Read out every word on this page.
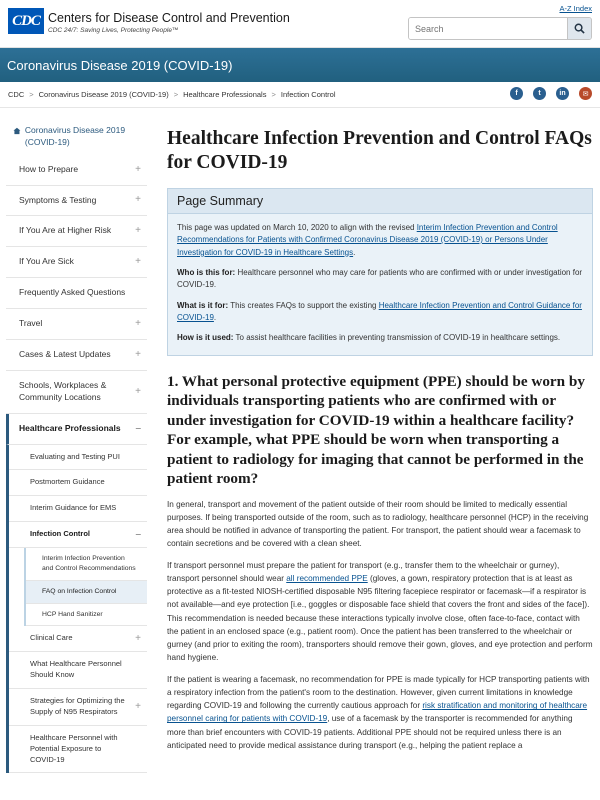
CDC Centers for Disease Control and Prevention
CDC 24/7: Saving Lives, Protecting People™
A-Z Index
Search
Coronavirus Disease 2019 (COVID-19)
CDC > Coronavirus Disease 2019 (COVID-19) > Healthcare Professionals > Infection Control	f	t	in	✉
Coronavirus Disease 2019 (COVID-19)
How to Prepare	+
Symptoms & Testing	+
If You Are at Higher Risk +
If You Are Sick	+
Frequently Asked Questions
Travel	+
Cases & Latest Updates +
Schools, Workplaces & Community Locations	+
Healthcare Professionals –
Evaluating and Testing PUI
Postmortem Guidance
Interim Guidance for EMS
Infection Control	–
Interim Infection Prevention and Control Recommendations
FAQ on Infection Control
HCP Hand Sanitizer
Clinical Care	+
What Healthcare Personnel Should Know
Strategies for Optimizing the Supply of N95 Respirators +
Healthcare Personnel with Potential Exposure to COVID-19
Healthcare Infection Prevention and Control FAQs for COVID-19
Page Summary

This page was updated on March 10, 2020 to align with the revised Interim Infection Prevention and Control Recommendations for Patients with Confirmed Coronavirus Disease 2019 (COVID-19) or Persons Under Investigation for COVID-19 in Healthcare Settings.

Who is this for: Healthcare personnel who may care for patients who are confirmed with or under investigation for COVID-19.

What is it for: This creates FAQs to support the existing Healthcare Infection Prevention and Control Guidance for COVID-19.

How is it used: To assist healthcare facilities in preventing transmission of COVID-19 in healthcare settings.

1. What personal protective equipment (PPE) should be worn by individuals transporting patients who are confirmed with or under investigation for COVID-19 within a healthcare facility? For example, what PPE should be worn when transporting a patient to radiology for imaging that cannot be performed in the patient room?

In general, transport and movement of the patient outside of their room should be limited to medically essential purposes. If being transported outside of the room, such as to radiology, healthcare personnel (HCP) in the receiving area should be notified in advance of transporting the patient. For transport, the patient should wear a facemask to contain secretions and be covered with a clean sheet.

If transport personnel must prepare the patient for transport (e.g., transfer them to the wheelchair or gurney), transport personnel should wear all recommended PPE (gloves, a gown, respiratory protection that is at least as protective as a fit-tested NIOSH-certified disposable N95 filtering facepiece respirator or facemask—if a respirator is not available—and eye protection [i.e., goggles or disposable face shield that covers the front and sides of the face]). This recommendation is needed because these interactions typically involve close, often face-to-face, contact with the patient in an enclosed space (e.g., patient room). Once the patient has been transferred to the wheelchair or gurney (and prior to exiting the room), transporters should remove their gown, gloves, and eye protection and perform hand hygiene.

If the patient is wearing a facemask, no recommendation for PPE is made typically for HCP transporting patients with a respiratory infection from the patient's room to the destination. However, given current limitations in knowledge regarding COVID-19 and following the currently cautious approach for risk stratification and monitoring of healthcare personnel caring for patients with COVID-19, use of a facemask by the transporter is recommended for anything more than brief encounters with COVID-19 patients. Additional PPE should not be required unless there is an anticipated need to provide medical assistance during transport (e.g., helping the patient replace a
